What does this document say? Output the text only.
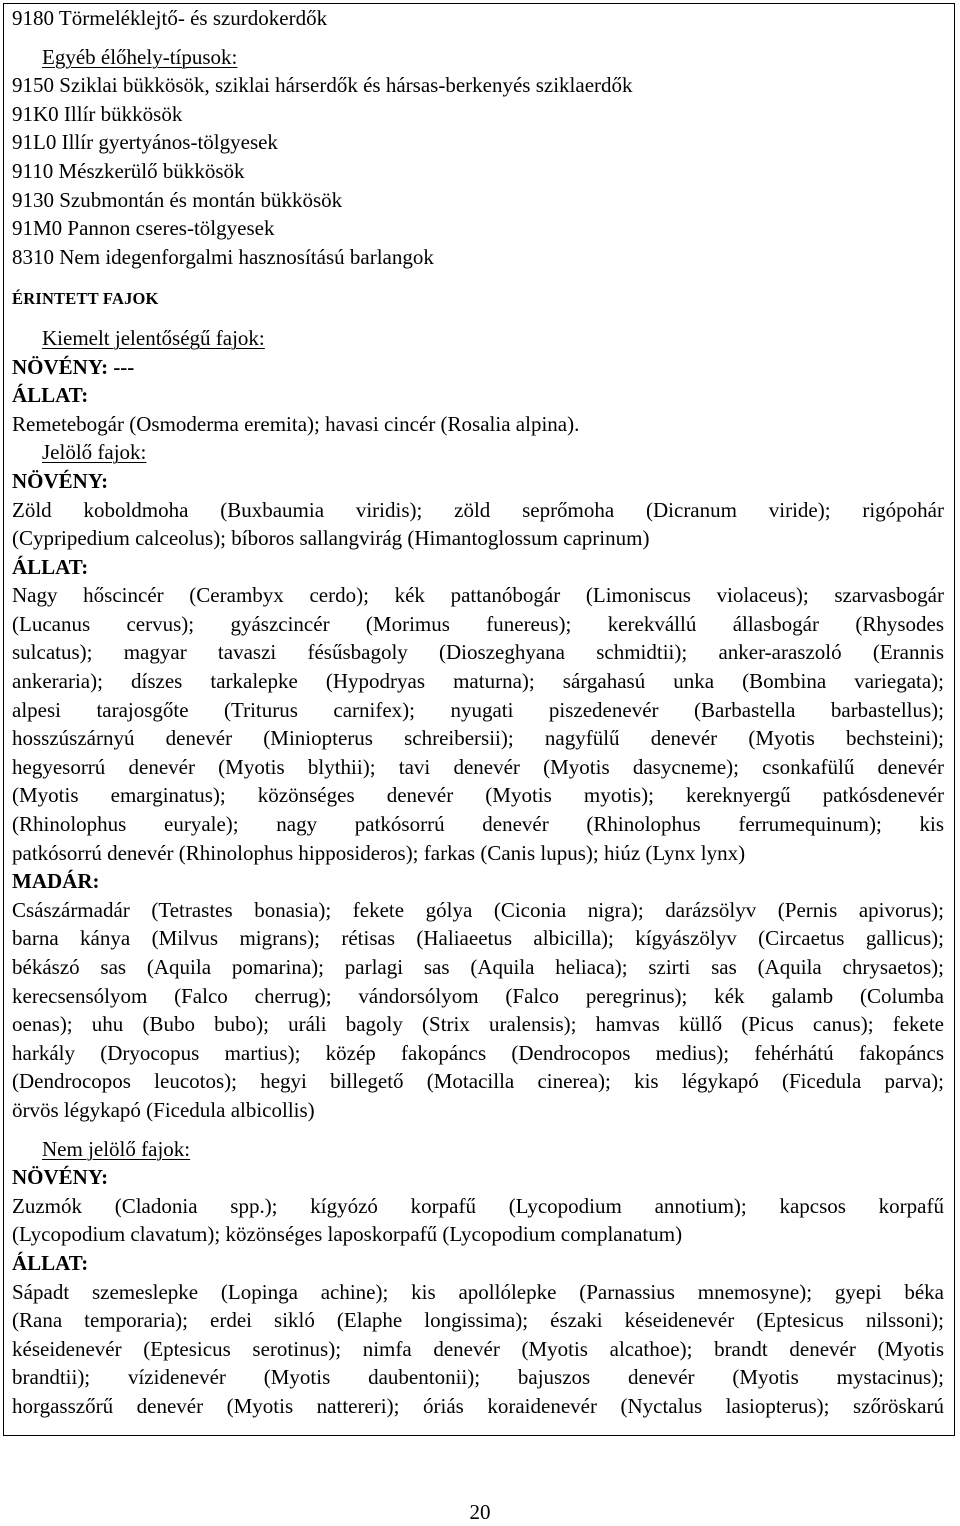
9180 Törmeléklejtő- és szurdokerdők
Egyéb élőhely-típusok:
9150 Sziklai bükkösök, sziklai hárserdők és hársas-berkenyés sziklaerdők
91K0 Illír bükkösök
91L0 Illír gyertyános-tölgyesek
9110 Mészkerülő bükkösök
9130 Szubmontán és montán bükkösök
91M0 Pannon cseres-tölgyesek
8310 Nem idegenforgalmi hasznosítású barlangok
ÉRINTETT FAJOK
Kiemelt jelentőségű fajok:
NÖVÉNY: ---
ÁLLAT:
Remetebogár (Osmoderma eremita); havasi cincér (Rosalia alpina).
Jelölő fajok:
NÖVÉNY:
Zöld koboldmoha (Buxbaumia viridis); zöld seprőmoha (Dicranum viride); rigópohár
(Cypripedium calceolus); bíboros sallangvirág (Himantoglossum caprinum)
ÁLLAT:
Nagy hőscincér (Cerambyx cerdo); kék pattanóbogár (Limoniscus violaceus); szarvasbogár
(Lucanus cervus); gyászcincér (Morimus funereus); kerekvállú állasbogár (Rhysodes
sulcatus); magyar tavaszi fésűsbagoly (Dioszeghyana schmidtii); anker-araszoló (Erannis
ankeraria); díszes tarkalepke (Hypodryas maturna); sárgahasú unka (Bombina variegata);
alpesi tarajosgőte (Triturus carnifex); nyugati piszedenevér (Barbastella barbastellus);
hosszúszárnyú denevér (Miniopterus schreibersii); nagyfülű denevér (Myotis bechsteini);
hegyesorrú denevér (Myotis blythii); tavi denevér (Myotis dasycneme); csonkafülű denevér
(Myotis emarginatus); közönséges denevér (Myotis myotis); kereknyergű patkósdenevér
(Rhinolophus euryale); nagy patkósorrú denevér (Rhinolophus ferrumequinum); kis
patkósorrú denevér (Rhinolophus hipposideros); farkas (Canis lupus); hiúz (Lynx lynx)
MADÁR:
Császármadár (Tetrastes bonasia); fekete gólya (Ciconia nigra); darázsölyv (Pernis apivorus);
barna kánya (Milvus migrans); rétisas (Haliaeetus albicilla); kígyászölyv (Circaetus gallicus);
békászó sas (Aquila pomarina); parlagi sas (Aquila heliaca); szirti sas (Aquila chrysaetos);
kerecsensólyom (Falco cherrug); vándorsólyom (Falco peregrinus); kék galamb (Columba
oenas); uhu (Bubo bubo); uráli bagoly (Strix uralensis); hamvas küllő (Picus canus); fekete
harkály (Dryocopus martius); közép fakopáncs (Dendrocopos medius); fehérhátú fakopáncs
(Dendrocopos leucotos); hegyi billegető (Motacilla cinerea); kis légykapó (Ficedula parva);
örvös légykapó (Ficedula albicollis)
Nem jelölő fajok:
NÖVÉNY:
Zuzmók (Cladonia spp.); kígyózó korpafű (Lycopodium annotium); kapcsos korpafű
(Lycopodium clavatum); közönséges laposkorpafű (Lycopodium complanatum)
ÁLLAT:
Sápadt szemeslepke (Lopinga achine); kis apollólepke (Parnassius mnemosyne); gyepi béka
(Rana temporaria); erdei sikló (Elaphe longissima); északi késeidenevér (Eptesicus nilssoni);
késeidenevér (Eptesicus serotinus); nimfa denevér (Myotis alcathoe); brandt denevér (Myotis
brandtii); vízidenevér (Myotis daubentonii); bajuszos denevér (Myotis mystacinus);
horgasszőrű denevér (Myotis nattereri); óriás koraidenevér (Nyctalus lasiopterus); szőröskarú
20
